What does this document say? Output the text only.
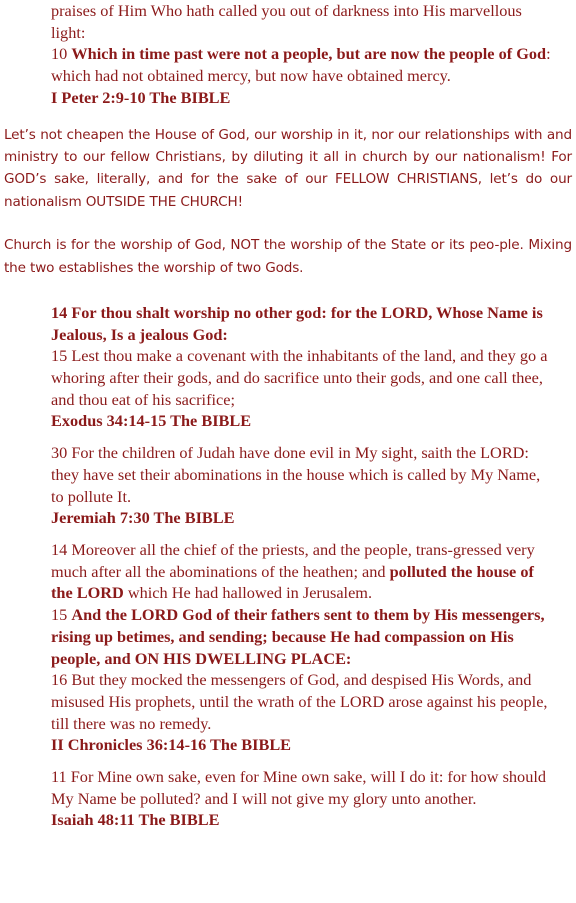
praises of Him Who hath called you out of darkness into His marvellous light:

10 Which in time past were not a people, but are now the people of God: which had not obtained mercy, but now have obtained mercy.

I Peter 2:9-10 The BIBLE

Let’s not cheapen the House of God, our worship in it, nor our relationships with and ministry to our fellow Christians, by diluting it all in church by our nationalism! For GOD’s sake, literally, and for the sake of our FELLOW CHRISTIANS, let’s do our nationalism OUTSIDE THE CHURCH!

Church is for the worship of God, NOT the worship of the State or its peo-ple. Mixing the two establishes the worship of two Gods.

14 For thou shalt worship no other god: for the LORD, Whose Name is Jealous, Is a jealous God:

15 Lest thou make a covenant with the inhabitants of the land, and they go a whoring after their gods, and do sacrifice unto their gods, and one call thee, and thou eat of his sacrifice;

Exodus 34:14-15 The BIBLE

30 For the children of Judah have done evil in My sight, saith the LORD: they have set their abominations in the house which is called by My Name, to pollute It.

Jeremiah 7:30 The BIBLE

14 Moreover all the chief of the priests, and the people, trans-gressed very much after all the abominations of the heathen; and polluted the house of the LORD which He had hallowed in Jerusalem.

15 And the LORD God of their fathers sent to them by His messengers, rising up betimes, and sending; because He had compassion on His people, and ON HIS DWELLING PLACE:

16 But they mocked the messengers of God, and despised His Words, and misused His prophets, until the wrath of the LORD arose against his people, till there was no remedy.

II Chronicles 36:14-16 The BIBLE

11 For Mine own sake, even for Mine own sake, will I do it: for how should My Name be polluted? and I will not give my glory unto another.

Isaiah 48:11 The BIBLE
